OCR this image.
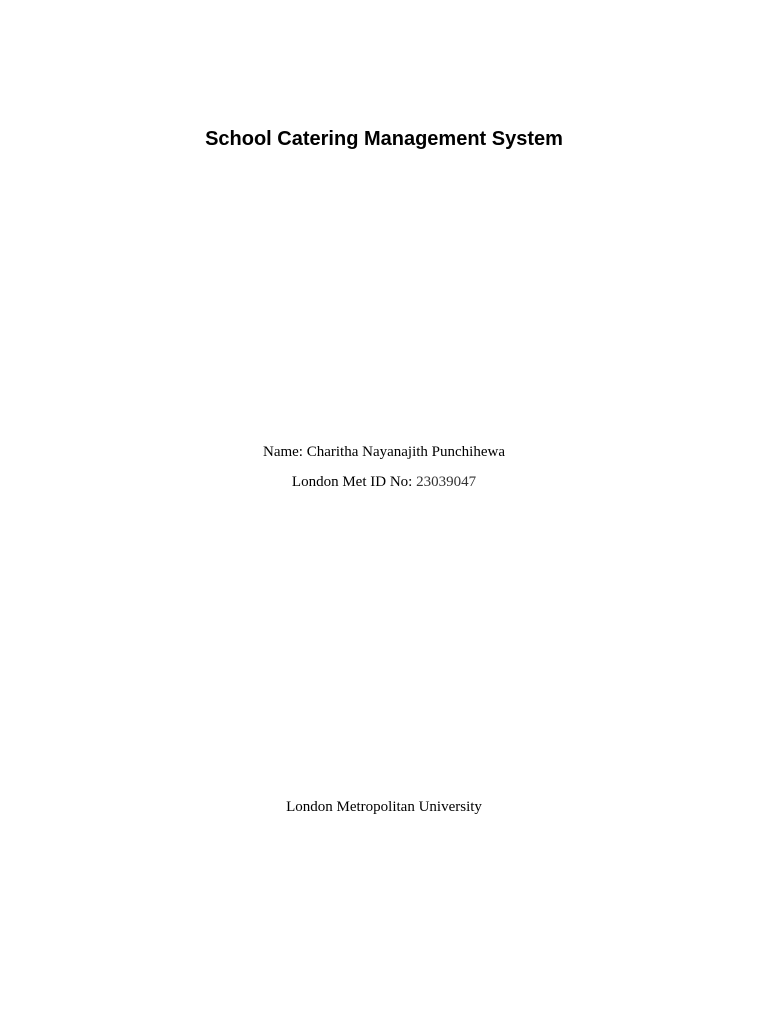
School Catering Management System
Name: Charitha Nayanajith Punchihewa
London Met ID No: 23039047
London Metropolitan University
